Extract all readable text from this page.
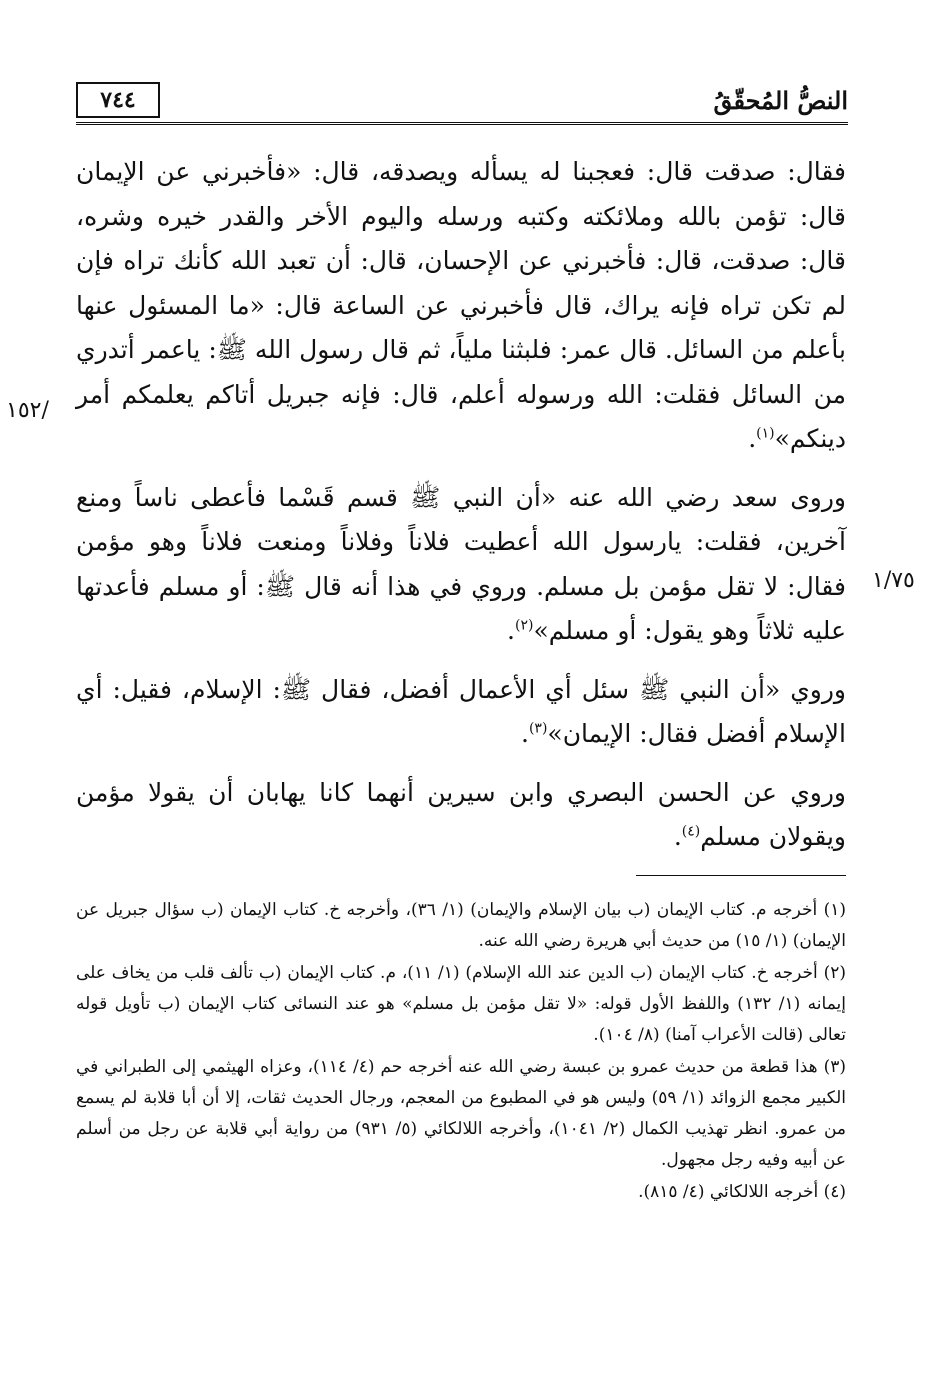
٧٤٤	النصُّ المُحقّقُ
/١٥٢
١/٧٥

فقال: صدقت قال: فعجبنا له يسأله ويصدقه، قال: «فأخبرني عن الإيمان قال: تؤمن بالله وملائكته وكتبه ورسله واليوم الأخر والقدر خيره وشره، قال: صدقت، قال: فأخبرني عن الإحسان، قال: أن تعبد الله كأنك تراه فإن لم تكن تراه فإنه يراك، قال فأخبرني عن الساعة قال: «ما المسئول عنها بأعلم من السائل. قال عمر: فلبثنا ملياً، ثم قال رسول الله ﷺ: ياعمر أتدري من السائل فقلت: الله ورسوله أعلم، قال: فإنه جبريل أتاكم يعلمكم أمر دينكم»$^{(١)}$.

وروى سعد رضي الله عنه «أن النبي ﷺ قسم قَسْما فأعطى ناساً ومنع آخرين، فقلت: يارسول الله أعطيت فلاناً وفلاناً ومنعت فلاناً وهو مؤمن فقال: لا تقل مؤمن بل مسلم. وروي في هذا أنه قال ﷺ: أو مسلم فأعدتها عليه ثلاثاً وهو يقول: أو مسلم»$^{(٢)}$.

وروي «أن النبي ﷺ سئل أي الأعمال أفضل، فقال ﷺ: الإسلام، فقيل: أي الإسلام أفضل فقال: الإيمان»$^{(٣)}$.

وروي عن الحسن البصري وابن سيرين أنهما كانا يهابان أن يقولا مؤمن ويقولان مسلم$^{(٤)}$.

(١) أخرجه م. كتاب الإيمان (ب بيان الإسلام والإيمان) (١/ ٣٦)، وأخرجه خ. كتاب الإيمان (ب سؤال جبريل عن الإيمان) (١/ ١٥) من حديث أبي هريرة رضي الله عنه.

(٢) أخرجه خ. كتاب الإيمان (ب الدين عند الله الإسلام) (١/ ١١)، م. كتاب الإيمان (ب تألف قلب من يخاف على إيمانه (١/ ١٣٢) واللفظ الأول قوله: «لا تقل مؤمن بل مسلم» هو عند النسائى كتاب الإيمان (ب تأويل قوله تعالى (قالت الأعراب آمنا) (٨/ ١٠٤).

(٣) هذا قطعة من حديث عمرو بن عبسة رضي الله عنه أخرجه حم (٤/ ١١٤)، وعزاه الهيثمي إلى الطبراني في الكبير مجمع الزوائد (١/ ٥٩) وليس هو في المطبوع من المعجم، ورجال الحديث ثقات، إلا أن أبا قلابة لم يسمع من عمرو. انظر تهذيب الكمال (٢/ ١٠٤١)، وأخرجه اللالكائي (٥/ ٩٣١) من رواية أبي قلابة عن رجل من أسلم عن أبيه وفيه رجل مجهول.

(٤) أخرجه اللالكائي (٤/ ٨١٥).
